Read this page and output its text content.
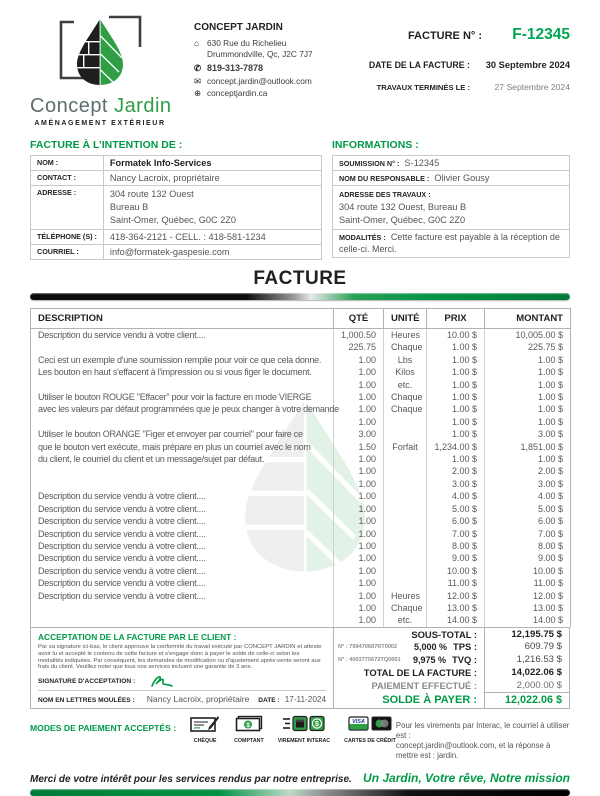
Concept Jardin
AMÉNAGEMENT EXTÉRIEUR
CONCEPT JARDIN
⌂ 630 Rue du Richelieu
Drummondville, Qc, J2C 7J7
✆ 819-313-7878
✉ concept.jardin@outlook.com
⊕ conceptjardin.ca
FACTURE N° :	F-12345
DATE DE LA FACTURE :	30 Septembre 2024
TRAVAUX TERMINÉS LE :	27 Septembre 2024
FACTURE À L’INTENTION DE :
NOM :	Formatek Info-Services
CONTACT :	Nancy Lacroix, propriétaire
ADRESSE :	304 route 132 Ouest
Bureau B
Saint-Omer, Québec, G0C 2Z0

TÉLÉPHONE (S) :	418-364-2121 - CELL. : 418-581-1234
COURRIEL :	info@formatek-gaspesie.com
INFORMATIONS :
SOUMISSION N° : S-12345
NOM DU RESPONSABLE : Olivier Gousy

ADRESSE DES TRAVAUX :
304 route 132 Ouest, Bureau B
Saint-Omer, Québec, G0C 2Z0

MODALITÉS : Cette facture est payable à la réception de celle-ci. Merci.
FACTURE
DESCRIPTION	QTÉ	UNITÉ	PRIX	MONTANT
Description du service vendu à votre client....	1,000.50	Heures	10.00 $	10,005.00 $
	225.75	Chaque	1.00 $	225.75 $
Ceci est un exemple d'une soumission remplie pour voir ce que cela donne.	1.00	Lbs	1.00 $	1.00 $
Les bouton en haut s'effacent à l'impression ou si vous figer le document.	1.00	Kilos	1.00 $	1.00 $
	1.00	etc.	1.00 $	1.00 $
Utiliser le bouton ROUGE "Effacer" pour voir la facture en mode VIERGE	1.00	Chaque	1.00 $	1.00 $
avec les valeurs par défaut programmées que je peux changer à votre demande	1.00	Chaque	1.00 $	1.00 $
	1.00		1.00 $	1.00 $
Utiliser le bouton ORANGE "Figer et envoyer par courriel" pour faire ce	3.00		1.00 $	3.00 $
que le bouton vert exécute, mais prépare en plus un courriel avec le nom	1.50	Forfait	1,234.00 $	1,851.00 $
du client, le courriel du client et un message/sujet par défaut.	1.00		1.00 $	1.00 $
	1.00		2.00 $	2.00 $
	1.00		3.00 $	3.00 $
Description du service vendu à votre client....	1.00		4.00 $	4.00 $
Description du service vendu à votre client....	1.00		5.00 $	5.00 $
Description du service vendu à votre client....	1.00		6.00 $	6.00 $
Description du service vendu à votre client....	1.00		7.00 $	7.00 $
Description du service vendu à votre client....	1.00		8.00 $	8.00 $
Description du service vendu à votre client....	1.00		9.00 $	9.00 $
Description du service vendu à votre client....	1.00		10.00 $	10.00 $
Description du service vendu à votre client....	1.00		11.00 $	11.00 $
Description du service vendu à votre client....	1.00	Heures	12.00 $	12.00 $
	1.00	Chaque	13.00 $	13.00 $
	1.00	etc.	14.00 $	14.00 $
ACCEPTATION DE LA FACTURE PAR LE CLIENT :
Par sa signature ici-bas, le client approuve la conformité du travail exécuté par CONCEPT JARDIN et atteste avoir lu et accepté le contenu de cette facture et s'engage donc à payer le solde de celle-ci selon les modalités indiquées. Par conséquent, les demandes de modification ou d'ajustement après-vente seront aux frais du client. Veuillez noter que tous nos services incluent une garantie de 3 ans.
SIGNATURE D'ACCEPTATION :
NOM EN LETTRES MOULÉES : Nancy Lacroix, propriétaire	DATE : 17-11-2024
SOUS-TOTAL :	12,195.75 $
N° : 799470687RT0002 5,000 % TPS :	609.79 $
N° : 4003775672TQ0001 9,975 % TVQ :	1,216.53 $
TOTAL DE LA FACTURE :	14,022.06 $
PAIEMENT EFFECTUÉ :	2,000.00 $
SOLDE À PAYER :	12,022.06 $
MODES DE PAIEMENT ACCEPTÉS :
CHÈQUE
$
COMPTANT
$
VIREMENT INTERAC
VISA
CARTES DE CRÉDIT
Pour les virements par Interac, le courriel à utiliser est :
concept.jardin@outlook.com, et la réponse à mettre est : jardin.
Merci de votre intérêt pour les services rendus par notre entreprise. Un Jardin, Votre rêve, Notre mission
